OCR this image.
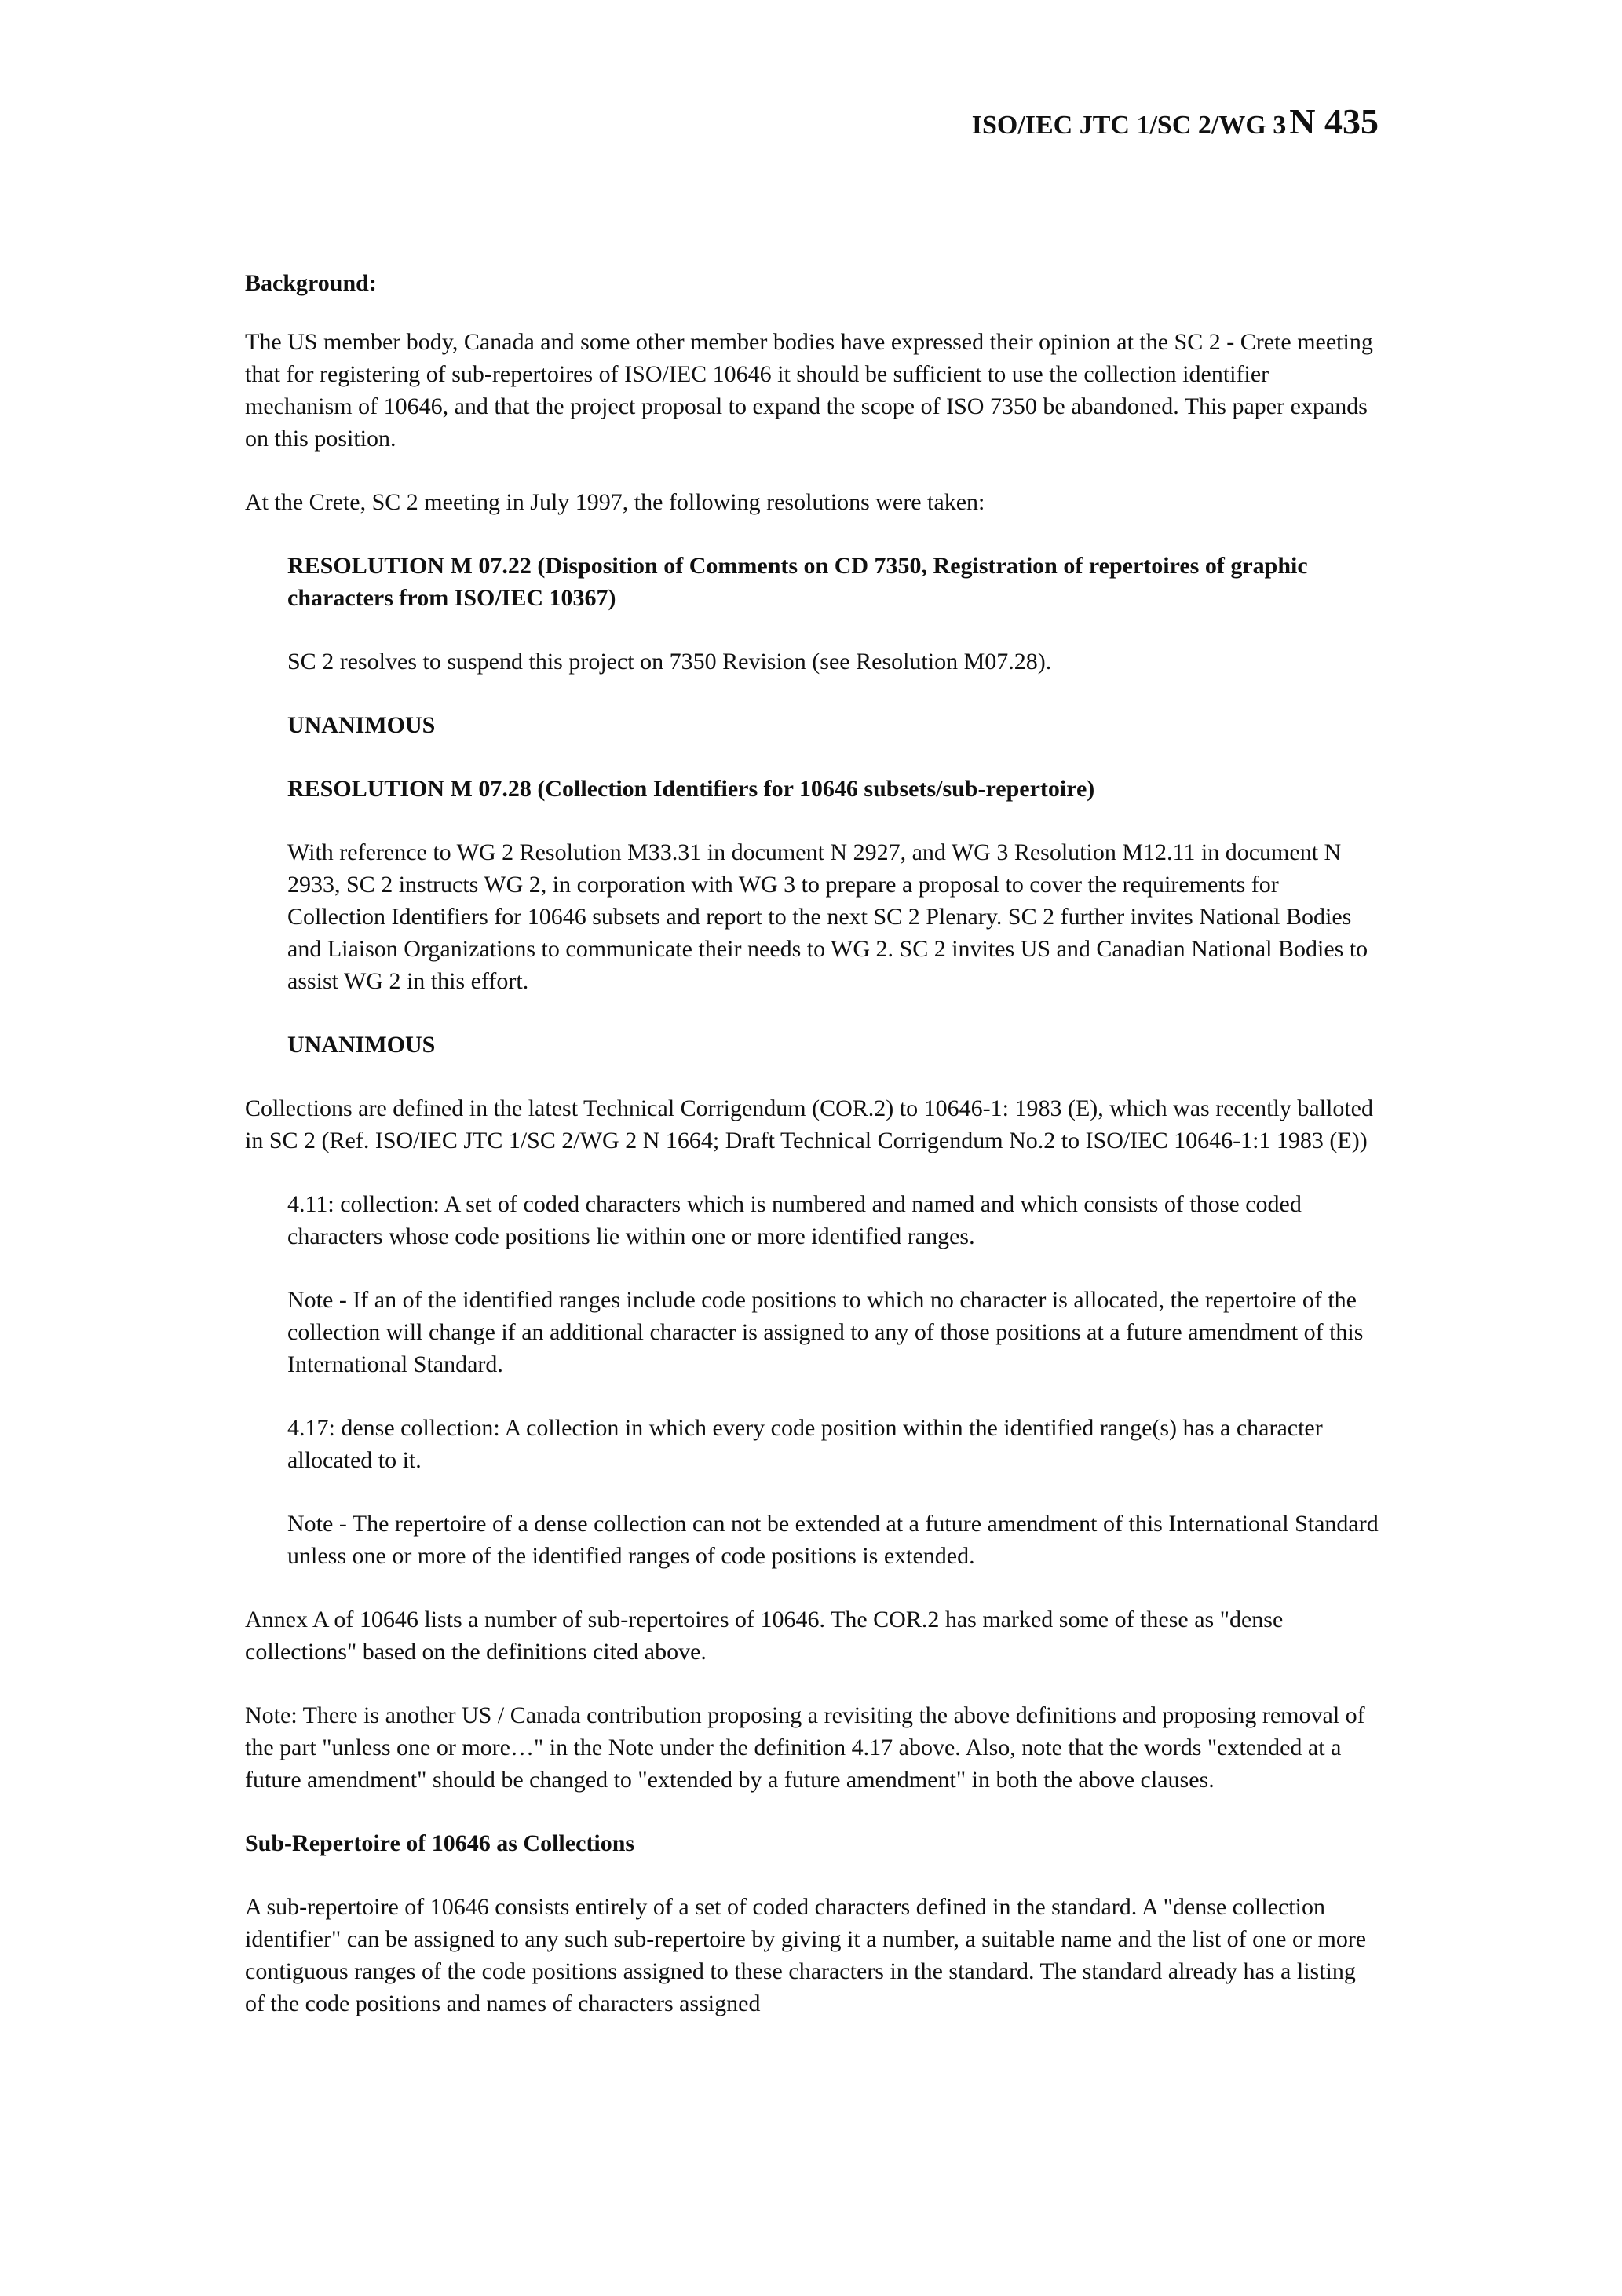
ISO/IEC JTC 1/SC 2/WG 3 N 435
Background:

The US member body, Canada and some other member bodies have expressed their opinion at the SC 2 - Crete meeting that for registering of sub-repertoires of ISO/IEC 10646 it should be sufficient to use the collection identifier mechanism of 10646, and that the project proposal to expand the scope of ISO 7350 be abandoned. This paper expands on this position.

At the Crete, SC 2 meeting in July 1997, the following resolutions were taken:

RESOLUTION M 07.22 (Disposition of Comments on CD 7350, Registration of repertoires of graphic characters from ISO/IEC 10367)

SC 2 resolves to suspend this project on 7350 Revision (see Resolution M07.28).

UNANIMOUS

RESOLUTION M 07.28 (Collection Identifiers for 10646 subsets/sub-repertoire)

With reference to WG 2 Resolution M33.31 in document N 2927, and WG 3 Resolution M12.11 in document N 2933, SC 2 instructs WG 2, in corporation with WG 3 to prepare a proposal to cover the requirements for Collection Identifiers for 10646 subsets and report to the next SC 2 Plenary. SC 2 further invites National Bodies and Liaison Organizations to communicate their needs to WG 2. SC 2 invites US and Canadian National Bodies to assist WG 2 in this effort.

UNANIMOUS

Collections are defined in the latest Technical Corrigendum (COR.2) to 10646-1: 1983 (E), which was recently balloted in SC 2 (Ref. ISO/IEC JTC 1/SC 2/WG 2 N 1664; Draft Technical Corrigendum No.2 to ISO/IEC 10646-1:1 1983 (E))

4.11: collection: A set of coded characters which is numbered and named and which consists of those coded characters whose code positions lie within one or more identified ranges.

Note - If an of the identified ranges include code positions to which no character is allocated, the repertoire of the collection will change if an additional character is assigned to any of those positions at a future amendment of this International Standard.

4.17: dense collection: A collection in which every code position within the identified range(s) has a character allocated to it.

Note - The repertoire of a dense collection can not be extended at a future amendment of this International Standard unless one or more of the identified ranges of code positions is extended.

Annex A of 10646 lists a number of sub-repertoires of 10646. The COR.2 has marked some of these as "dense collections" based on the definitions cited above.

Note: There is another US / Canada contribution proposing a revisiting the above definitions and proposing removal of the part "unless one or more…" in the Note under the definition 4.17 above. Also, note that the words "extended at a future amendment" should be changed to "extended by a future amendment" in both the above clauses.

Sub-Repertoire of 10646 as Collections

A sub-repertoire of 10646 consists entirely of a set of coded characters defined in the standard. A "dense collection identifier" can be assigned to any such sub-repertoire by giving it a number, a suitable name and the list of one or more contiguous ranges of the code positions assigned to these characters in the standard. The standard already has a listing of the code positions and names of characters assigned
